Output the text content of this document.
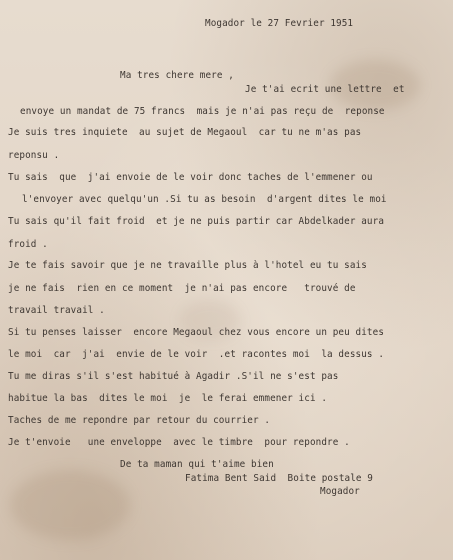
Mogador le 27 Fevrier 1951

Ma tres chere mere ,

Je t'ai ecrit une lettre  et

envoye un mandat de 75 francs  mais je n'ai pas reçu de  reponse

Je suis tres inquiete  au sujet de Megaoul  car tu ne m'as pas

reponsu .

Tu sais  que  j'ai envoie de le voir donc taches de l'emmener ou

l'envoyer avec quelqu'un .Si tu as besoin  d'argent dites le moi

Tu sais qu'il fait froid  et je ne puis partir car Abdelkader aura

froid .

Je te fais savoir que je ne travaille plus à l'hotel eu tu sais

je ne fais  rien en ce moment  je n'ai pas encore   trouvé de

travail travail .

Si tu penses laisser  encore Megaoul chez vous encore un peu dites

le moi  car  j'ai  envie de le voir  .et racontes moi  la dessus .

Tu me diras s'il s'est habitué à Agadir .S'il ne s'est pas

habitue la bas  dites le moi  je  le ferai emmener ici .

Taches de me repondre par retour du courrier .

Je t'envoie   une enveloppe  avec le timbre  pour repondre .

De ta maman qui t'aime bien

Fatima Bent Said  Boite postale 9

Mogador
